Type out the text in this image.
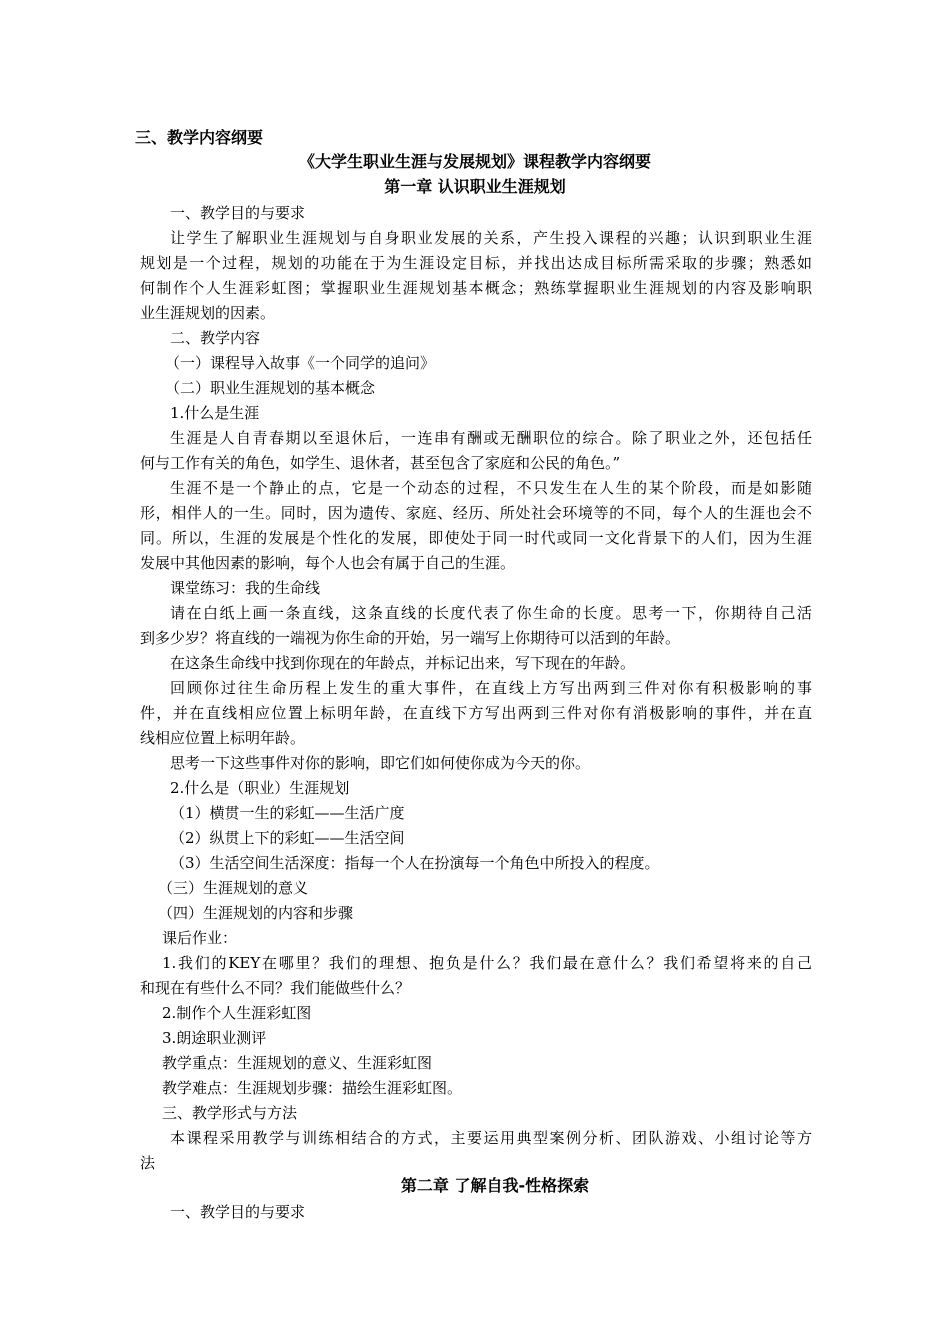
三、教学内容纲要
《大学生职业生涯与发展规划》课程教学内容纲要
第一章 认识职业生涯规划
一、教学目的与要求
让学生了解职业生涯规划与自身职业发展的关系，产生投入课程的兴趣；认识到职业生涯
规划是一个过程，规划的功能在于为生涯设定目标，并找出达成目标所需采取的步骤；熟悉如
何制作个人生涯彩虹图；掌握职业生涯规划基本概念；熟练掌握职业生涯规划的内容及影响职
业生涯规划的因素。
二、教学内容
（一）课程导入故事《一个同学的追问》
（二）职业生涯规划的基本概念
1.什么是生涯
生涯是人自青春期以至退休后，一连串有酬或无酬职位的综合。除了职业之外，还包括任
何与工作有关的角色，如学生、退休者，甚至包含了家庭和公民的角色。”
生涯不是一个静止的点，它是一个动态的过程，不只发生在人生的某个阶段，而是如影随
形，相伴人的一生。同时，因为遗传、家庭、经历、所处社会环境等的不同，每个人的生涯也会不
同。所以，生涯的发展是个性化的发展，即使处于同一时代或同一文化背景下的人们，因为生涯
发展中其他因素的影响，每个人也会有属于自己的生涯。
课堂练习：我的生命线
请在白纸上画一条直线，这条直线的长度代表了你生命的长度。思考一下，你期待自己活
到多少岁？将直线的一端视为你生命的开始，另一端写上你期待可以活到的年龄。
在这条生命线中找到你现在的年龄点，并标记出来，写下现在的年龄。
回顾你过往生命历程上发生的重大事件，在直线上方写出两到三件对你有积极影响的事
件，并在直线相应位置上标明年龄，在直线下方写出两到三件对你有消极影响的事件，并在直
线相应位置上标明年龄。
思考一下这些事件对你的影响，即它们如何使你成为今天的你。
2.什么是（职业）生涯规划
（1）横贯一生的彩虹——生活广度
（2）纵贯上下的彩虹——生活空间
（3）生活空间生活深度：指每一个人在扮演每一个角色中所投入的程度。
（三）生涯规划的意义
（四）生涯规划的内容和步骤
课后作业：
1.我们的KEY在哪里？我们的理想、抱负是什么？我们最在意什么？我们希望将来的自己
和现在有些什么不同？我们能做些什么？
2.制作个人生涯彩虹图
3.朗途职业测评
教学重点：生涯规划的意义、生涯彩虹图
教学难点：生涯规划步骤：描绘生涯彩虹图。
三、教学形式与方法
本课程采用教学与训练相结合的方式，主要运用典型案例分析、团队游戏、小组讨论等方
法
第二章 了解自我-性格探索
一、教学目的与要求
